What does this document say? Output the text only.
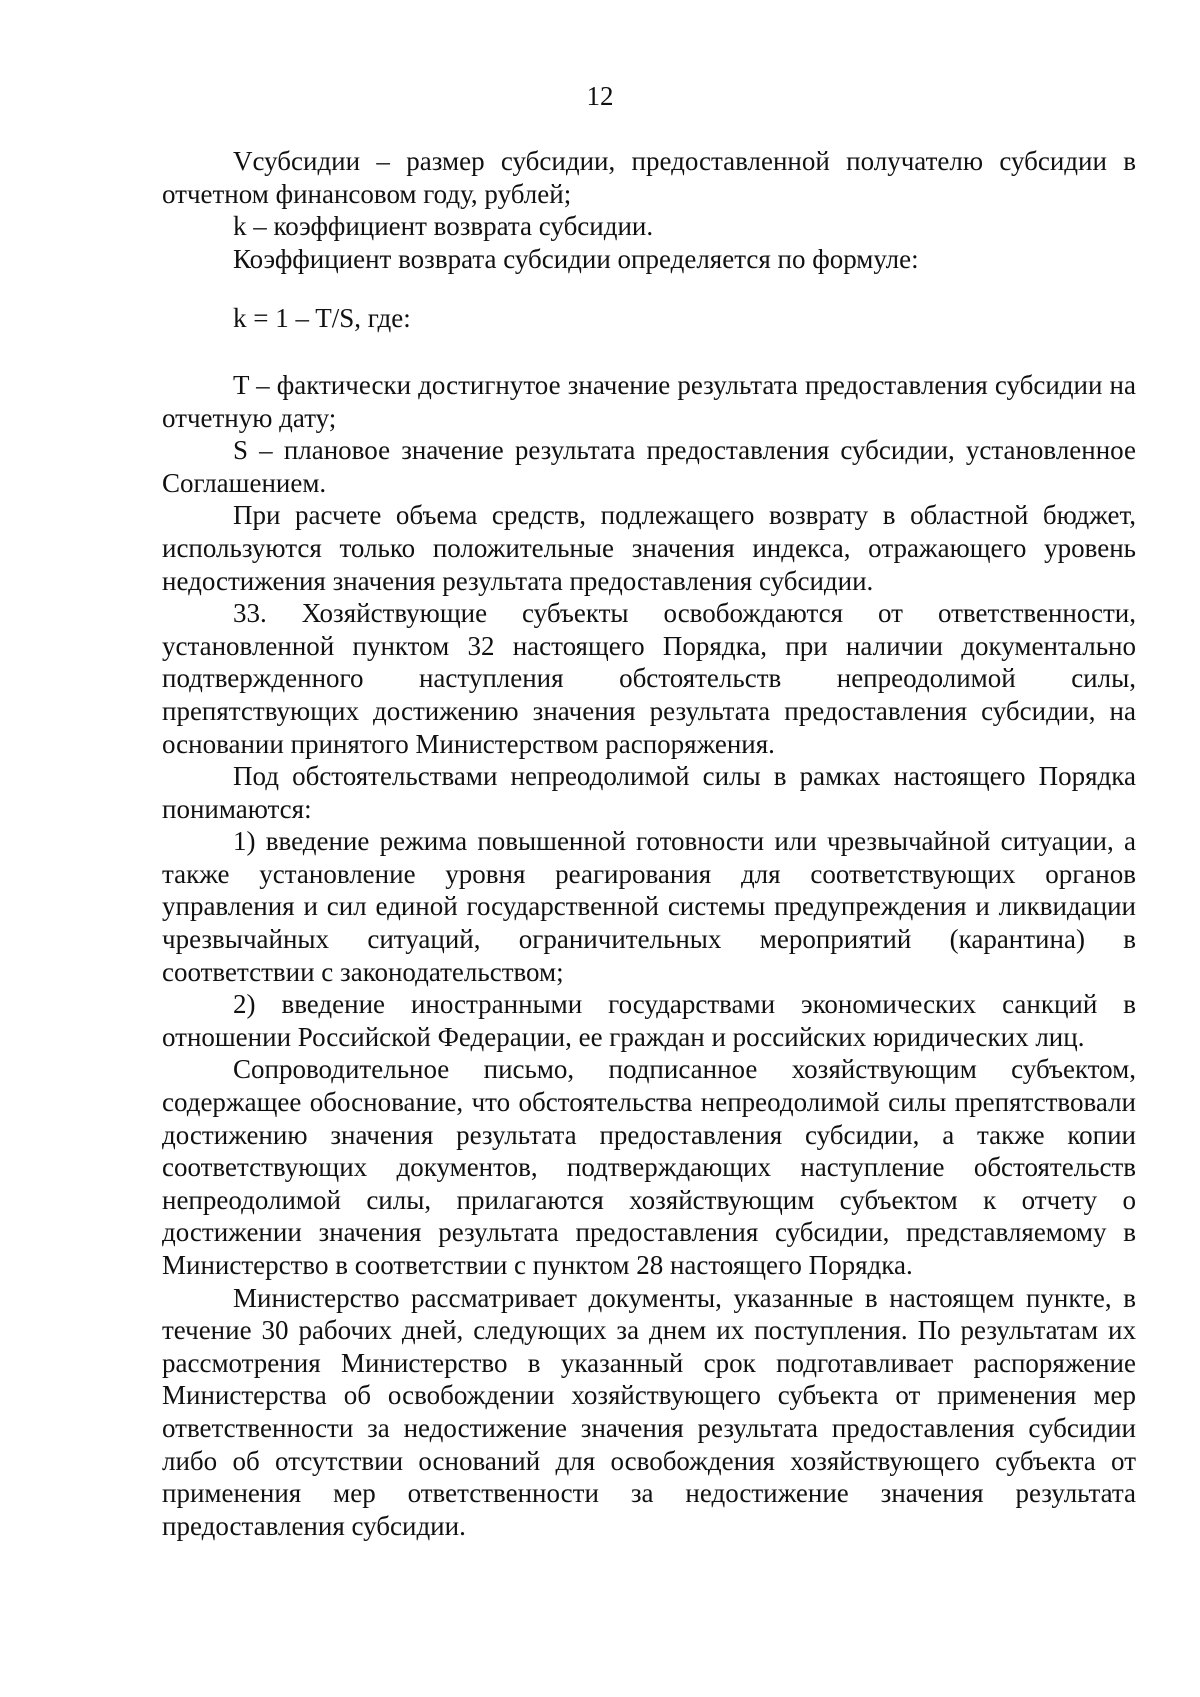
12

Vсубсидии – размер субсидии, предоставленной получателю субсидии в отчетном финансовом году, рублей;

k – коэффициент возврата субсидии.

Коэффициент возврата субсидии определяется по формуле:

k = 1 – T/S, где:

T – фактически достигнутое значение результата предоставления субсидии на отчетную дату;

S – плановое значение результата предоставления субсидии, установленное Соглашением.

При расчете объема средств, подлежащего возврату в областной бюджет, используются только положительные значения индекса, отражающего уровень недостижения значения результата предоставления субсидии.

33. Хозяйствующие субъекты освобождаются от ответственности, установленной пунктом 32 настоящего Порядка, при наличии документально подтвержденного наступления обстоятельств непреодолимой силы, препятствующих достижению значения результата предоставления субсидии, на основании принятого Министерством распоряжения.

Под обстоятельствами непреодолимой силы в рамках настоящего Порядка понимаются:

1) введение режима повышенной готовности или чрезвычайной ситуации, а также установление уровня реагирования для соответствующих органов управления и сил единой государственной системы предупреждения и ликвидации чрезвычайных ситуаций, ограничительных мероприятий (карантина) в соответствии с законодательством;

2) введение иностранными государствами экономических санкций в отношении Российской Федерации, ее граждан и российских юридических лиц.

Сопроводительное письмо, подписанное хозяйствующим субъектом, содержащее обоснование, что обстоятельства непреодолимой силы препятствовали достижению значения результата предоставления субсидии, а также копии соответствующих документов, подтверждающих наступление обстоятельств непреодолимой силы, прилагаются хозяйствующим субъектом к отчету о достижении значения результата предоставления субсидии, представляемому в Министерство в соответствии с пунктом 28 настоящего Порядка.

Министерство рассматривает документы, указанные в настоящем пункте, в течение 30 рабочих дней, следующих за днем их поступления. По результатам их рассмотрения Министерство в указанный срок подготавливает распоряжение Министерства об освобождении хозяйствующего субъекта от применения мер ответственности за недостижение значения результата предоставления субсидии либо об отсутствии оснований для освобождения хозяйствующего субъекта от применения мер ответственности за недостижение значения результата предоставления субсидии.
